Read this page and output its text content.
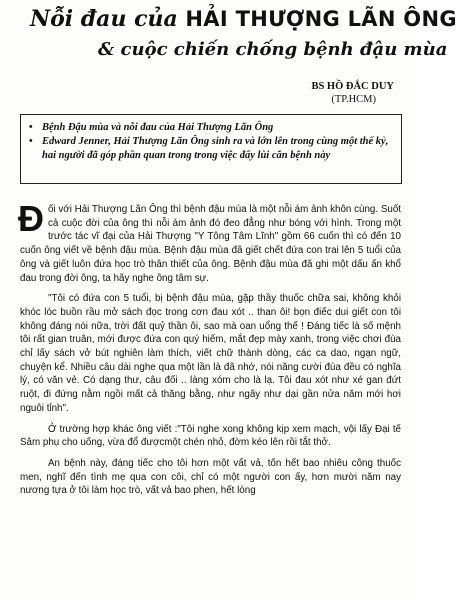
Nỗi đau của HẢI THƯỢNG LÃN ÔNG
& cuộc chiến chống bệnh đậu mùa
BS HỒ ĐẮC DUY
(TP.HCM)

• Bệnh Đậu mùa và nỗi đau của Hải Thượng Lãn Ông

• Edward Jenner, Hải Thượng Lãn Ông sinh ra và lớn lên trong cùng một thế kỷ, hai người đã góp phần quan trong trong việc đẩy lùi căn bệnh này

Đối với Hải Thượng Lãn Ông thì bệnh đậu mùa là một nỗi ám ảnh khôn cùng. Suốt cả cuộc đời của ông thì nỗi ám ảnh đó đeo đẳng như bóng với hình. Trong một trước tác vĩ đại của Hải Thượng "Y Tông Tâm Lĩnh" gồm 66 cuốn thì có đến 10 cuốn ông viết về bệnh đậu mùa. Bệnh đậu mùa đã giết chết đứa con trai lên 5 tuổi của ông và giết luôn đứa học trò thân thiết của ông. Bệnh đậu mùa đã ghi một dấu ấn khổ đau trong đời ông, ta hãy nghe ông tâm sự.

"Tôi có đứa con 5 tuổi, bị bệnh đậu mùa, gặp thầy thuốc chữa sai, không khỏi khóc lóc buồn rầu mở sách đọc trong cơn đau xót .. than ôi! bọn điếc dui giết con tôi không đáng nói nữa, trời đất quỷ thần ôi, sao mà oan uổng thế ! Đáng tiếc là số mệnh tôi rất gian truân, mới được đứa con quý hiếm, mắt đẹp mày xanh, trong việc chơi đùa chỉ lấy sách vở bút nghiên làm thích, viết chữ thành dòng, các ca dao, ngạn ngữ, chuyện kể. Nhiều câu dài nghe qua một lần là đã nhớ, nói năng cười đùa đều có nghĩa lý, có văn vẻ. Có dạng thư, câu đối .. làng xóm cho là lạ. Tôi đau xót như xé gan đứt ruột, đi đứng nằm ngồi mất cả thăng bằng, như ngây như dại gần nửa năm mới hơi nguôi tỉnh".

Ở trường hợp khác ông viết :"Tôi nghe xong không kịp xem mạch, vội lấy Đại tế Sâm phụ cho uống, vừa đổ đượcmột chén nhỏ, đờm kéo lên rồi tắt thở.

An bệnh này, đáng tiếc cho tôi hơn một vất vả, tốn hết bao nhiêu công thuốc men, nghĩ đến tình mẹ qua con côi, chỉ có một người con ấy, hơn mười năm nay nương tựa ở tôi làm học trò, vất vả bao phen, hết lòng
